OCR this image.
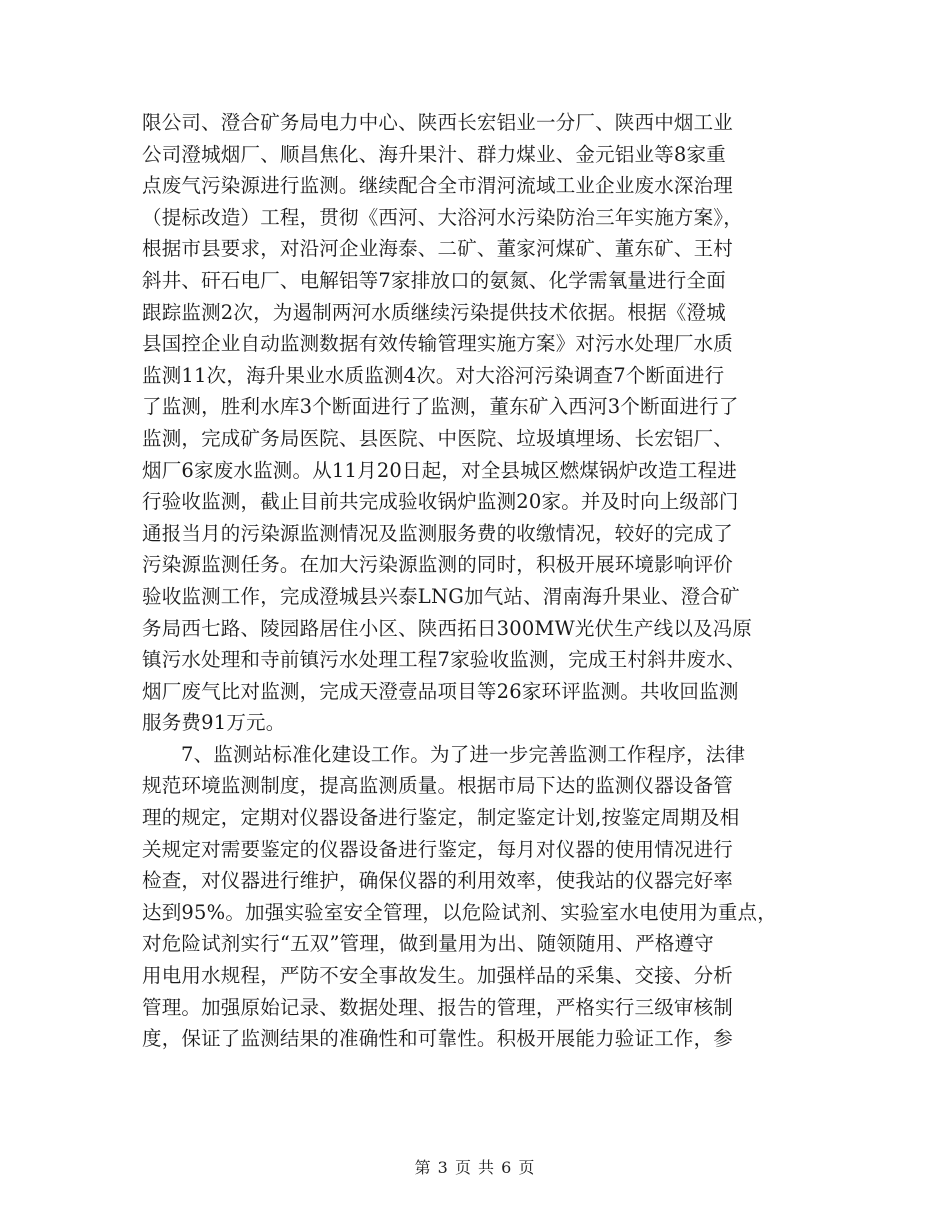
限公司、澄合矿务局电力中心、陕西长宏铝业一分厂、陕西中烟工业
公司澄城烟厂、顺昌焦化、海升果汁、群力煤业、金元铝业等8家重
点废气污染源进行监测。继续配合全市渭河流域工业企业废水深治理
（提标改造）工程，贯彻《西河、大浴河水污染防治三年实施方案》，
根据市县要求，对沿河企业海泰、二矿、董家河煤矿、董东矿、王村
斜井、矸石电厂、电解铝等7家排放口的氨氮、化学需氧量进行全面
跟踪监测2次，为遏制两河水质继续污染提供技术依据。根据《澄城
县国控企业自动监测数据有效传输管理实施方案》对污水处理厂水质
监测11次，海升果业水质监测4次。对大浴河污染调查7个断面进行
了监测，胜利水库3个断面进行了监测，董东矿入西河3个断面进行了
监测，完成矿务局医院、县医院、中医院、垃圾填埋场、长宏铝厂、
烟厂6家废水监测。从11月20日起，对全县城区燃煤锅炉改造工程进
行验收监测，截止目前共完成验收锅炉监测20家。并及时向上级部门
通报当月的污染源监测情况及监测服务费的收缴情况，较好的完成了
污染源监测任务。在加大污染源监测的同时，积极开展环境影响评价
验收监测工作，完成澄城县兴泰LNG加气站、渭南海升果业、澄合矿
务局西七路、陵园路居住小区、陕西拓日300MW光伏生产线以及冯原
镇污水处理和寺前镇污水处理工程7家验收监测，完成王村斜井废水、
烟厂废气比对监测，完成天澄壹品项目等26家环评监测。共收回监测
服务费91万元。
7、监测站标准化建设工作。为了进一步完善监测工作程序，法律
规范环境监测制度，提高监测质量。根据市局下达的监测仪器设备管
理的规定，定期对仪器设备进行鉴定，制定鉴定计划,按鉴定周期及相
关规定对需要鉴定的仪器设备进行鉴定，每月对仪器的使用情况进行
检查，对仪器进行维护，确保仪器的利用效率，使我站的仪器完好率
达到95%。加强实验室安全管理，以危险试剂、实验室水电使用为重点，
对危险试剂实行“五双”管理，做到量用为出、随领随用、严格遵守
用电用水规程，严防不安全事故发生。加强样品的采集、交接、分析
管理。加强原始记录、数据处理、报告的管理，严格实行三级审核制
度，保证了监测结果的准确性和可靠性。积极开展能力验证工作，参
第 3 页 共 6 页
